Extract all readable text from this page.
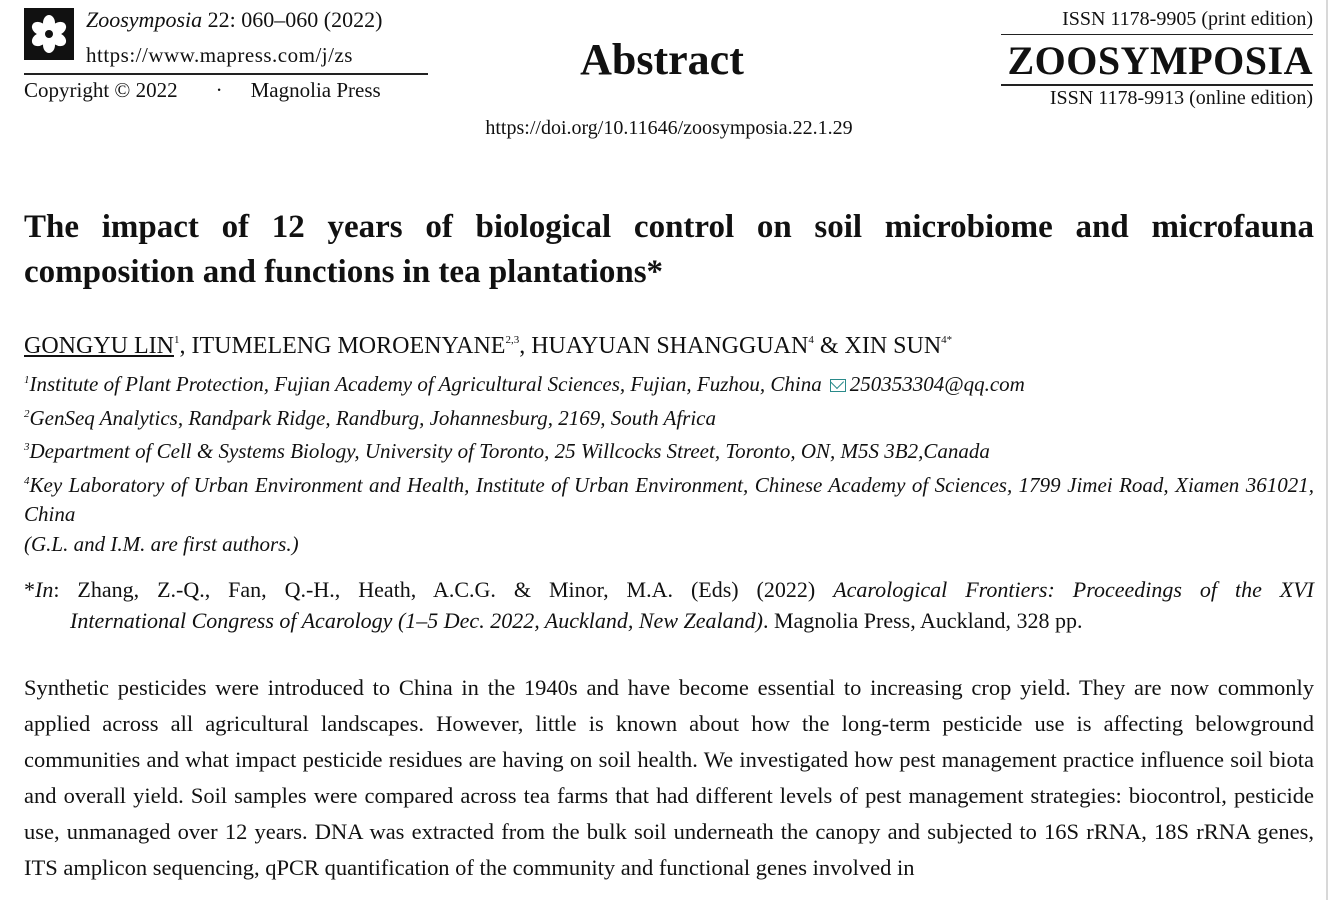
Zoosymposia 22: 060–060 (2022)
https://www.mapress.com/j/zs
Copyright © 2022 · Magnolia Press
Abstract
https://doi.org/10.11646/zoosymposia.22.1.29
ISSN 1178-9905 (print edition)
ZOOSYMPOSIA
ISSN 1178-9913 (online edition)
The impact of 12 years of biological control on soil microbiome and microfauna composition and functions in tea plantations*
GONGYU LIN$^1$, ITUMELENG MOROENYANE$^{2,3}$, HUAYUAN SHANGGUAN$^4$ & XIN $SUN^{4*}$
$^1$Institute of Plant Protection, Fujian Academy of Agricultural Sciences, Fujian, Fuzhou, China 250353304@qq.com
$^2$GenSeq Analytics, Randpark Ridge, Randburg, Johannesburg, 2169, South Africa
$^3$Department of Cell & Systems Biology, University of Toronto, 25 Willcocks Street, Toronto, ON, M5S 3B2,Canada
$^4$Key Laboratory of Urban Environment and Health, Institute of Urban Environment, Chinese Academy of Sciences, 1799 Jimei Road, Xiamen 361021, China
(G.L. and I.M. are first authors.)
*In: Zhang, Z.-Q., Fan, Q.-H., Heath, A.C.G. & Minor, M.A. (Eds) (2022) Acarological Frontiers: Proceedings of the XVI
International Congress of Acarology (1–5 Dec. 2022, Auckland, New Zealand). Magnolia Press, Auckland, 328 pp.

Synthetic pesticides were introduced to China in the 1940s and have become essential to increasing crop yield. They are now commonly applied across all agricultural landscapes. However, little is known about how the long-term pesticide use is affecting belowground communities and what impact pesticide residues are having on soil health. We investigated how pest management practice influence soil biota and overall yield. Soil samples were compared across tea farms that had different levels of pest management strategies: biocontrol, pesticide use, unmanaged over 12 years. DNA was extracted from the bulk soil underneath the canopy and subjected to 16S rRNA, 18S rRNA genes, ITS amplicon sequencing, qPCR quantification of the community and functional genes involved in
